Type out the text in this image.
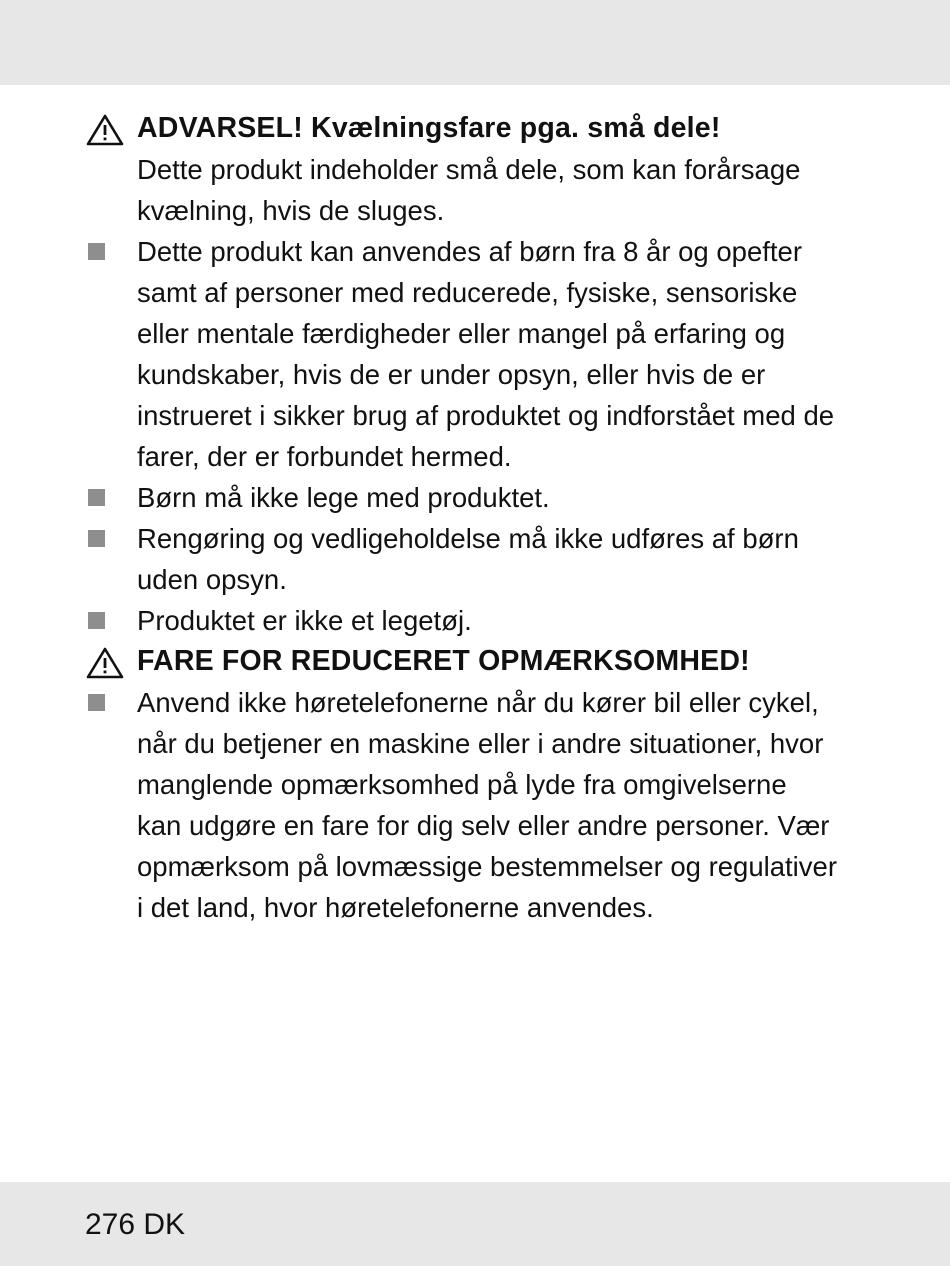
ADVARSEL! Kvælningsfare pga. små dele!
Dette produkt indeholder små dele, som kan forårsage
kvælning, hvis de sluges.
Dette produkt kan anvendes af børn fra 8 år og opefter
samt af personer med reducerede, fysiske, sensoriske
eller mentale færdigheder eller mangel på erfaring og
kundskaber, hvis de er under opsyn, eller hvis de er
instrueret i sikker brug af produktet og indforstået med de
farer, der er forbundet hermed.
Børn må ikke lege med produktet.
Rengøring og vedligeholdelse må ikke udføres af børn
uden opsyn.
Produktet er ikke et legetøj.
FARE FOR REDUCERET OPMÆRKSOMHED!
Anvend ikke høretelefonerne når du kører bil eller cykel,
når du betjener en maskine eller i andre situationer, hvor
manglende opmærksomhed på lyde fra omgivelserne
kan udgøre en fare for dig selv eller andre personer. Vær
opmærksom på lovmæssige bestemmelser og regulativer
i det land, hvor høretelefonerne anvendes.
276 DK
